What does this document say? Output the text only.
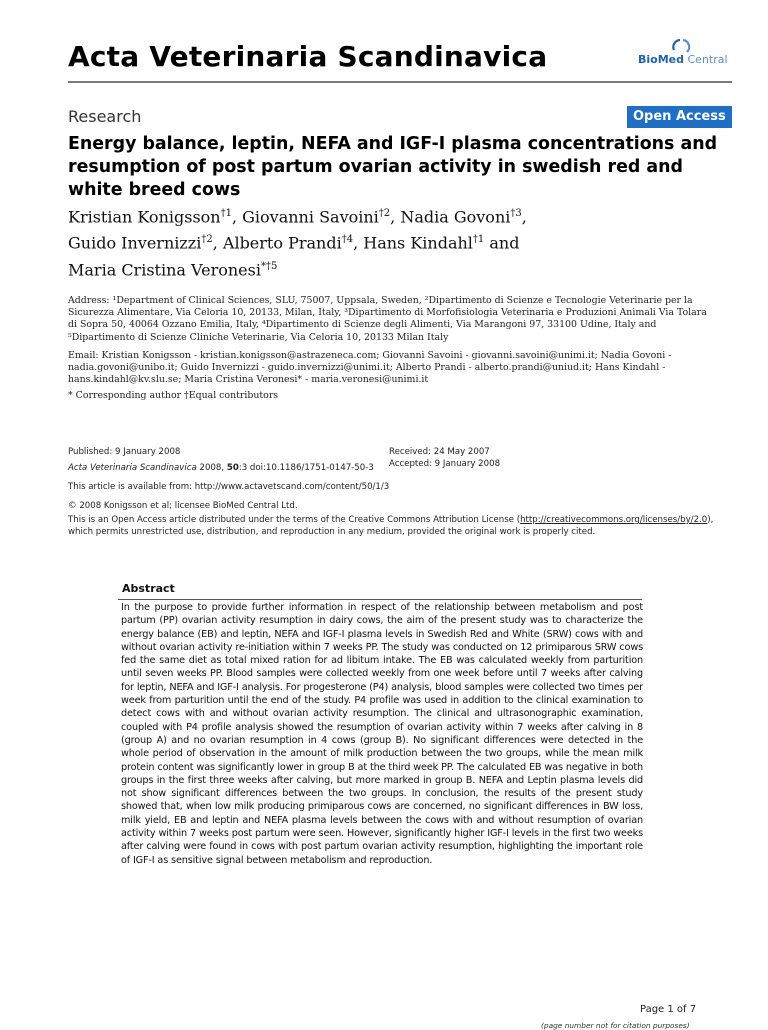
Acta Veterinaria Scandinavica	BioMed Central
Research	Open Access
Energy balance, leptin, NEFA and IGF-I plasma concentrations and resumption of post partum ovarian activity in swedish red and white breed cows
Kristian Konigsson$^{\dagger 1}$, Giovanni Savoini$^{\dagger 2}$, Nadia Govoni$^{\dagger 3}$,
Guido Invernizzi$^{\dagger 2}$, Alberto Prandi$^{\dagger 4}$, Hans Kindahl$^{\dagger 1}$ and
Maria Cristina Veronesi$^{*\dagger 5}$
Address: ¹Department of Clinical Sciences, SLU, 75007, Uppsala, Sweden, ²Dipartimento di Scienze e Tecnologie Veterinarie per la Sicurezza Alimentare, Via Celoria 10, 20133, Milan, Italy, ³Dipartimento di Morfofisiologia Veterinaria e Produzioni Animali Via Tolara di Sopra 50, 40064 Ozzano Emilia, Italy, ⁴Dipartimento di Scienze degli Alimenti, Via Marangoni 97, 33100 Udine, Italy and ⁵Dipartimento di Scienze Cliniche Veterinarie, Via Celoria 10, 20133 Milan Italy
Email: Kristian Konigsson - kristian.konigsson@astrazeneca.com; Giovanni Savoini - giovanni.savoini@unimi.it; Nadia Govoni - nadia.govoni@unibo.it; Guido Invernizzi - guido.invernizzi@unimi.it; Alberto Prandi - alberto.prandi@uniud.it; Hans Kindahl - hans.kindahl@kv.slu.se; Maria Cristina Veronesi* - maria.veronesi@unimi.it
* Corresponding author †Equal contributors
Published: 9 January 2008
Acta Veterinaria Scandinavica 2008, 50:3 doi:10.1186/1751-0147-50-3
Received: 24 May 2007
Accepted: 9 January 2008
This article is available from: http://www.actavetscand.com/content/50/1/3
© 2008 Konigsson et al; licensee BioMed Central Ltd.
This is an Open Access article distributed under the terms of the Creative Commons Attribution License (http://creativecommons.org/licenses/by/2.0), which permits unrestricted use, distribution, and reproduction in any medium, provided the original work is properly cited.
Abstract
In the purpose to provide further information in respect of the relationship between metabolism and post partum (PP) ovarian activity resumption in dairy cows, the aim of the present study was to characterize the energy balance (EB) and leptin, NEFA and IGF-I plasma levels in Swedish Red and White (SRW) cows with and without ovarian activity re-initiation within 7 weeks PP. The study was conducted on 12 primiparous SRW cows fed the same diet as total mixed ration for ad libitum intake. The EB was calculated weekly from parturition until seven weeks PP. Blood samples were collected weekly from one week before until 7 weeks after calving for leptin, NEFA and IGF-I analysis. For progesterone (P4) analysis, blood samples were collected two times per week from parturition until the end of the study. P4 profile was used in addition to the clinical examination to detect cows with and without ovarian activity resumption. The clinical and ultrasonographic examination, coupled with P4 profile analysis showed the resumption of ovarian activity within 7 weeks after calving in 8 (group A) and no ovarian resumption in 4 cows (group B). No significant differences were detected in the whole period of observation in the amount of milk production between the two groups, while the mean milk protein content was significantly lower in group B at the third week PP. The calculated EB was negative in both groups in the first three weeks after calving, but more marked in group B. NEFA and Leptin plasma levels did not show significant differences between the two groups. In conclusion, the results of the present study showed that, when low milk producing primiparous cows are concerned, no significant differences in BW loss, milk yield, EB and leptin and NEFA plasma levels between the cows with and without resumption of ovarian activity within 7 weeks post partum were seen. However, significantly higher IGF-I levels in the first two weeks after calving were found in cows with post partum ovarian activity resumption, highlighting the important role of IGF-I as sensitive signal between metabolism and reproduction.
Page 1 of 7
(page number not for citation purposes)
